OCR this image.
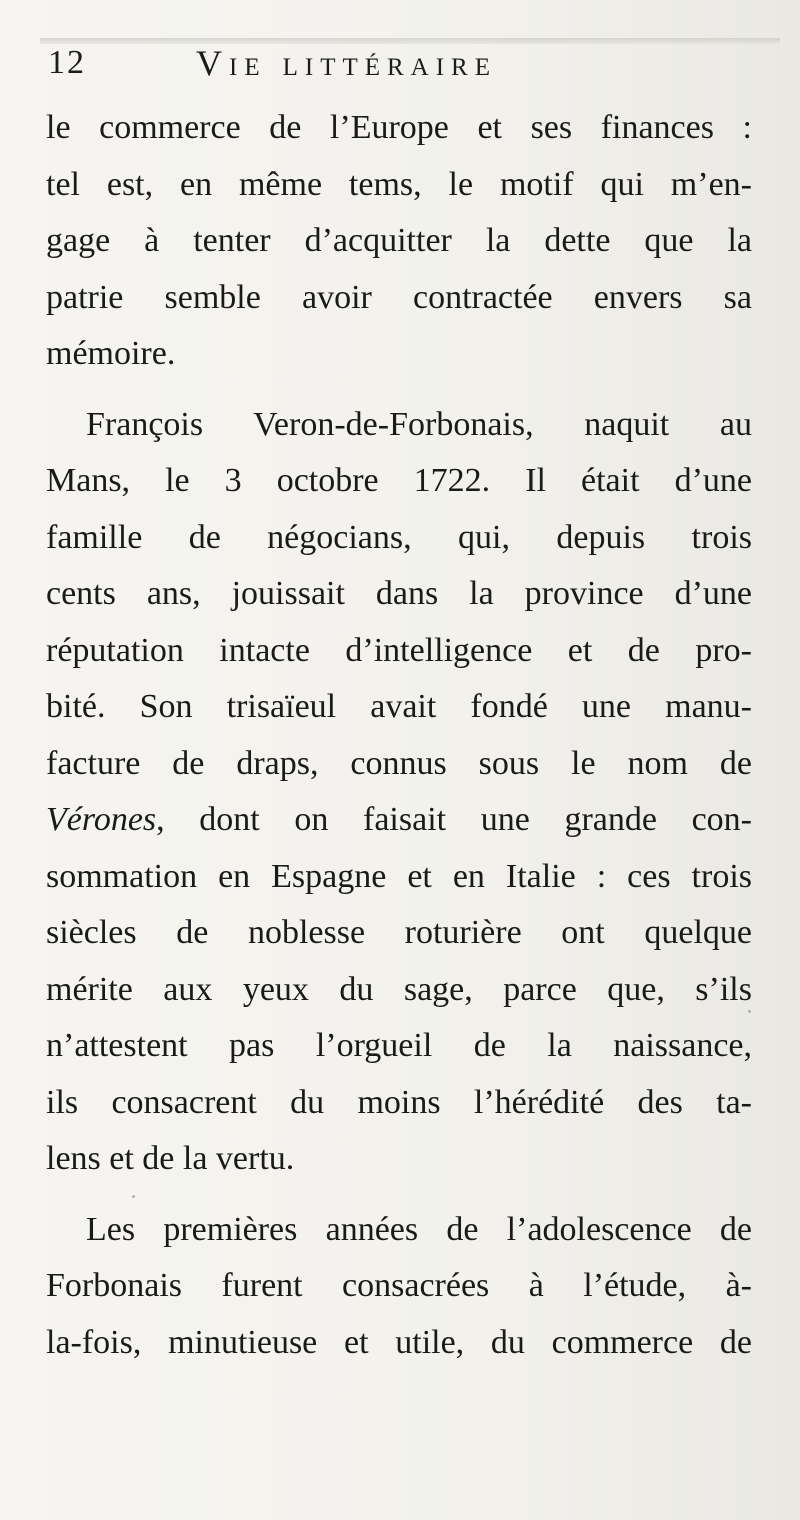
12	Vie littéraire
le commerce de l’Europe et ses finances :
tel est, en même tems, le motif qui m’en-
gage à tenter d’acquitter la dette que la
patrie semble avoir contractée envers sa
mémoire.
François Veron-de-Forbonais, naquit au
Mans, le 3 octobre 1722. Il était d’une
famille de négocians, qui, depuis trois
cents ans, jouissait dans la province d’une
réputation intacte d’intelligence et de pro-
bité. Son trisaïeul avait fondé une manu-
facture de draps, connus sous le nom de
Vérones, dont on faisait une grande con-
sommation en Espagne et en Italie : ces trois
siècles de noblesse roturière ont quelque
mérite aux yeux du sage, parce que, s’ils
n’attestent pas l’orgueil de la naissance,
ils consacrent du moins l’hérédité des ta-
lens et de la vertu.
Les premières années de l’adolescence de
Forbonais furent consacrées à l’étude, à-
la-fois, minutieuse et utile, du commerce de
